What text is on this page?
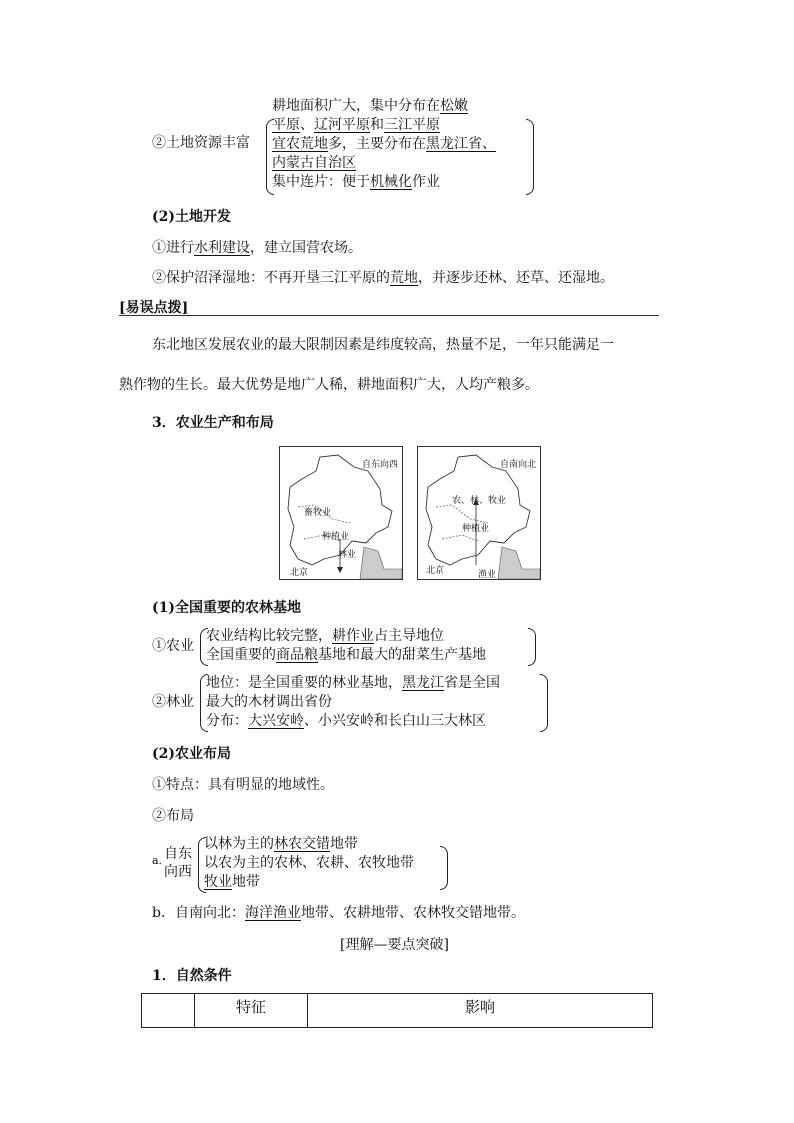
②土地资源丰富
耕地面积广大，集中分布在松嫩
平原、辽河平原和三江平原
宜农荒地多，主要分布在黑龙江省、
内蒙古自治区
集中连片：便于机械化作业
(2)土地开发
①进行水利建设，建立国营农场。
②保护沼泽湿地：不再开垦三江平原的荒地，并逐步还林、还草、还湿地。
[易误点拨]
东北地区发展农业的最大限制因素是纬度较高，热量不足，一年只能满足一
熟作物的生长。最大优势是地广人稀，耕地面积广大，人均产粮多。
3．农业生产和布局
自东向西
畜牧业
种植业
林业
北京
自南向北
农、林、牧业
种植业
渔业
北京
(1)全国重要的农林基地
①农业
农业结构比较完整，耕作业占主导地位
全国重要的商品粮基地和最大的甜菜生产基地
②林业
地位：是全国重要的林业基地，黑龙江省是全国
最大的木材调出省份
分布：大兴安岭、小兴安岭和长白山三大林区
(2)农业布局
①特点：具有明显的地域性。
②布局
a. 自东
向西
以林为主的林农交错地带
以农为主的农林、农耕、农牧地带
牧业地带
b．自南向北：海洋渔业地带、农耕地带、农林牧交错地带。
[理解—要点突破]
1．自然条件
	特征	影响
